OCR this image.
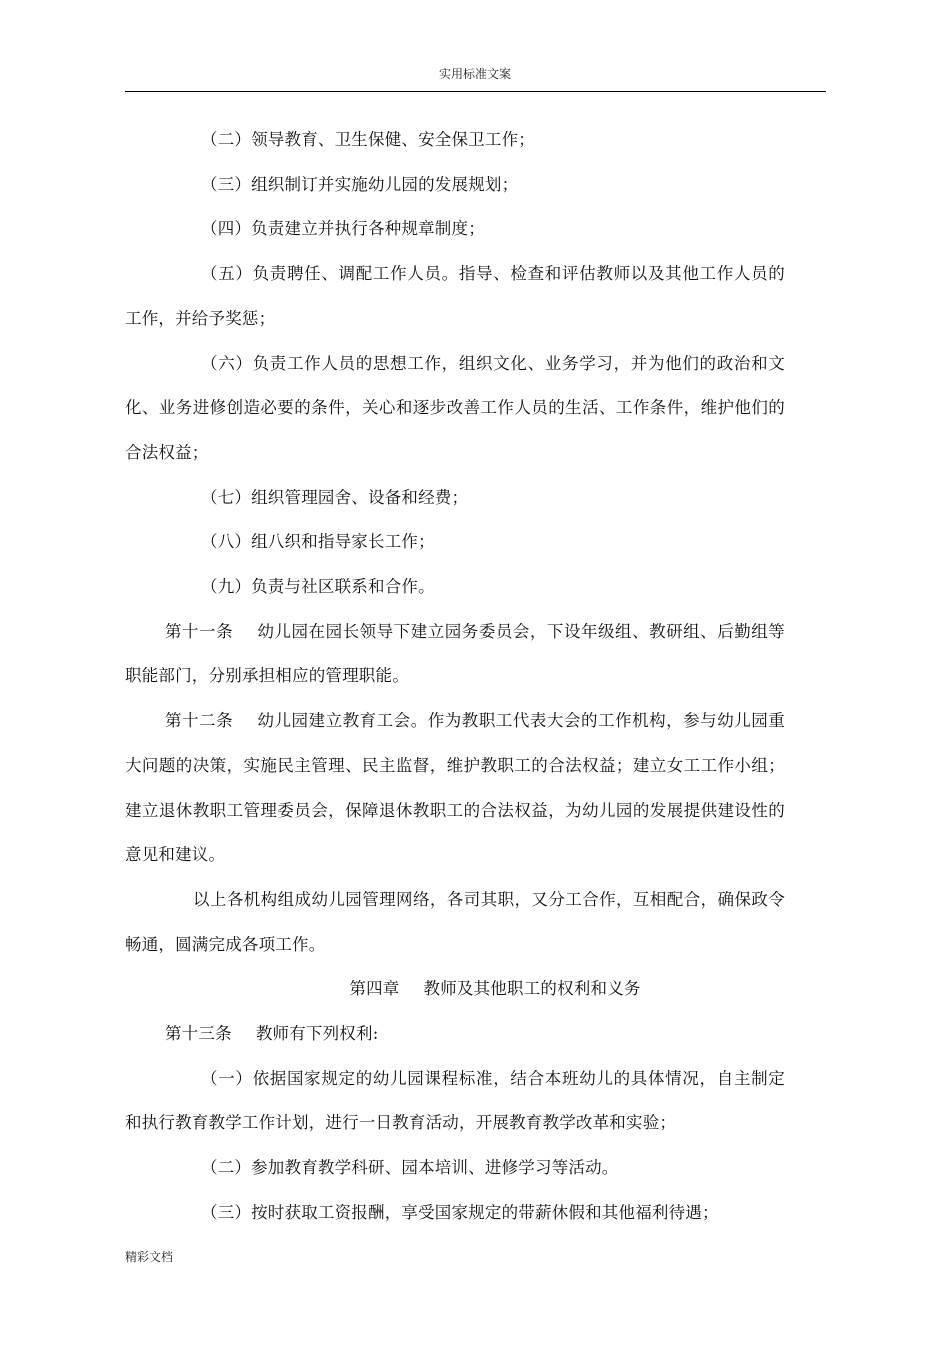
实用标准文案

（二）领导教育、卫生保健、安全保卫工作；

（三）组织制订并实施幼儿园的发展规划；

（四）负责建立并执行各种规章制度；

（五）负责聘任、调配工作人员。指导、检查和评估教师以及其他工作人员的工作，并给予奖惩；

（六）负责工作人员的思想工作，组织文化、业务学习，并为他们的政治和文化、业务进修创造必要的条件，关心和逐步改善工作人员的生活、工作条件，维护他们的合法权益；

（七）组织管理园舍、设备和经费；

（八）组八织和指导家长工作；

（九）负责与社区联系和合作。

第十一条 幼儿园在园长领导下建立园务委员会，下设年级组、教研组、后勤组等职能部门，分别承担相应的管理职能。

第十二条 幼儿园建立教育工会。作为教职工代表大会的工作机构，参与幼儿园重大问题的决策，实施民主管理、民主监督，维护教职工的合法权益；建立女工工作小组；建立退休教职工管理委员会，保障退休教职工的合法权益，为幼儿园的发展提供建设性的意见和建议。

以上各机构组成幼儿园管理网络，各司其职，又分工合作，互相配合，确保政令畅通，圆满完成各项工作。

第四章 教师及其他职工的权利和义务

第十三条 教师有下列权利:

（一）依据国家规定的幼儿园课程标准，结合本班幼儿的具体情况，自主制定和执行教育教学工作计划，进行一日教育活动，开展教育教学改革和实验；

（二）参加教育教学科研、园本培训、进修学习等活动。

（三）按时获取工资报酬，享受国家规定的带薪休假和其他福利待遇；

精彩文档
